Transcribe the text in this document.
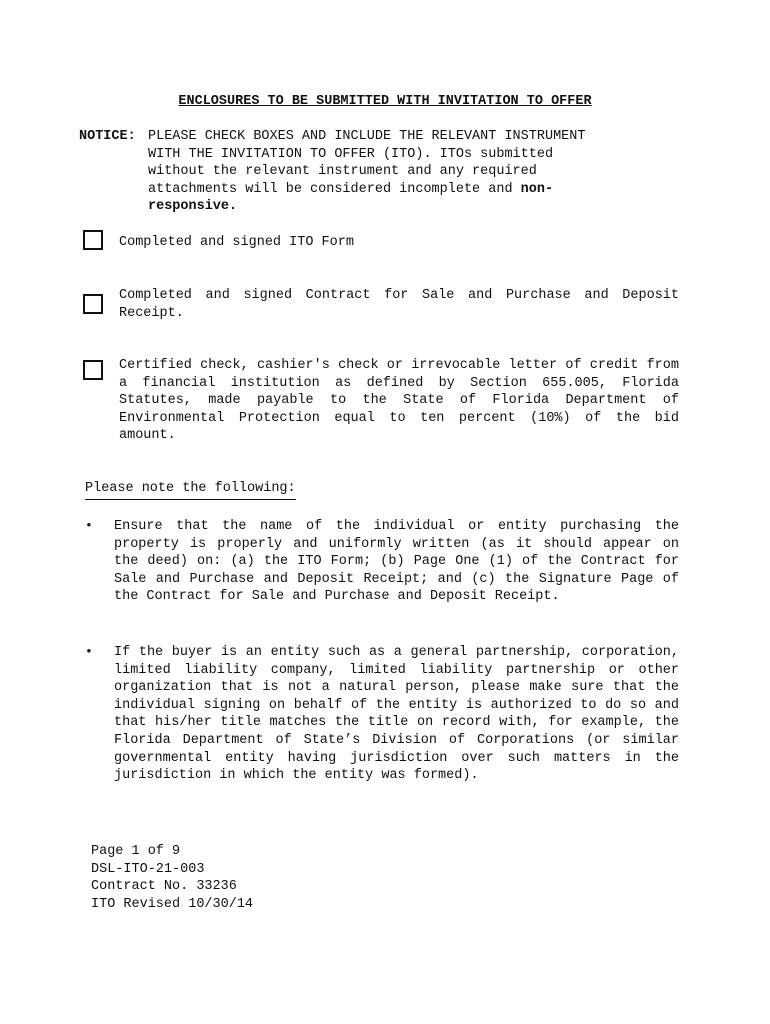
ENCLOSURES TO BE SUBMITTED WITH INVITATION TO OFFER
NOTICE: PLEASE CHECK BOXES AND INCLUDE THE RELEVANT INSTRUMENT
WITH THE INVITATION TO OFFER (ITO). ITOs submitted
without the relevant instrument and any required
attachments will be considered incomplete and non-
responsive.
Completed and signed ITO Form
Completed and signed Contract for Sale and Purchase and Deposit Receipt.
Certified check, cashier's check or irrevocable letter of credit from a financial institution as defined by Section 655.005, Florida Statutes, made payable to the State of Florida Department of Environmental Protection equal to ten percent (10%) of the bid amount.
Please note the following:
• Ensure that the name of the individual or entity purchasing the property is properly and uniformly written (as it should appear on the deed) on: (a) the ITO Form; (b) Page One (1) of the Contract for Sale and Purchase and Deposit Receipt; and (c) the Signature Page of the Contract for Sale and Purchase and Deposit Receipt.
• If the buyer is an entity such as a general partnership, corporation, limited liability company, limited liability partnership or other organization that is not a natural person, please make sure that the individual signing on behalf of the entity is authorized to do so and that his/her title matches the title on record with, for example, the Florida Department of State’s Division of Corporations (or similar governmental entity having jurisdiction over such matters in the jurisdiction in which the entity was formed).
Page 1 of 9
DSL-ITO-21-003
Contract No. 33236
ITO Revised 10/30/14
